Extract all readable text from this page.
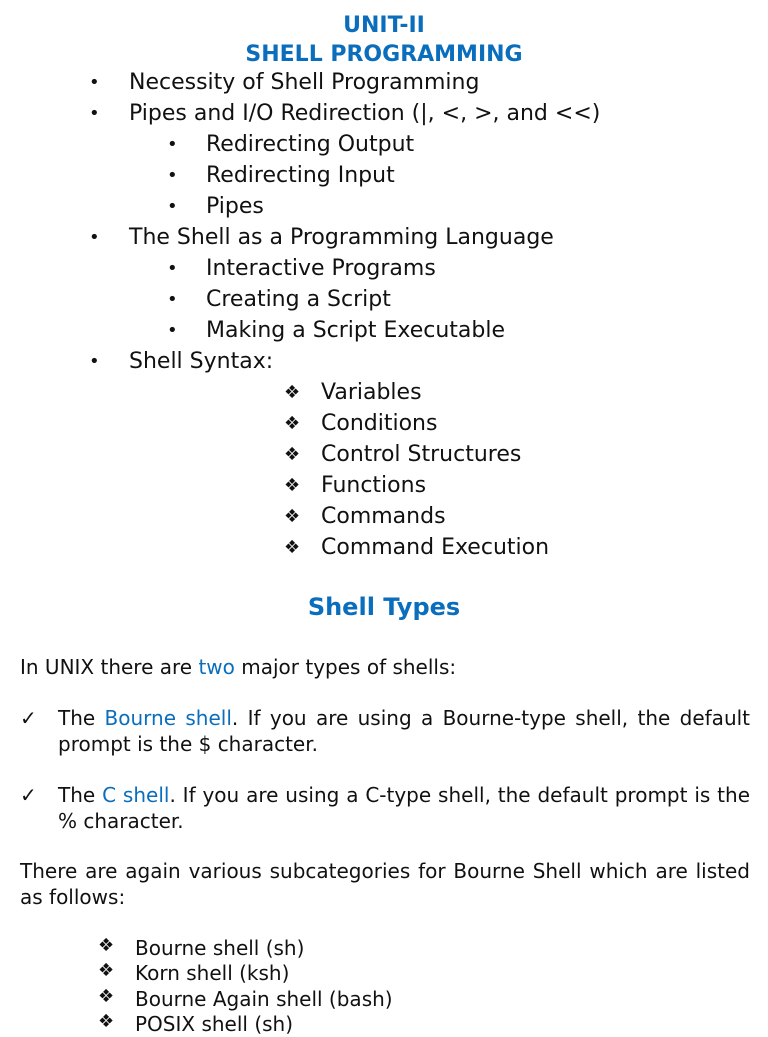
UNIT-II
SHELL PROGRAMMING
• Necessity of Shell Programming
• Pipes and I/O Redirection (|, <, >, and <<)
• Redirecting Output
• Redirecting Input
• Pipes
• The Shell as a Programming Language
• Interactive Programs
• Creating a Script
• Making a Script Executable
• Shell Syntax:
❖ Variables
❖ Conditions
❖ Control Structures
❖ Functions
❖ Commands
❖ Command Execution
Shell Types
In UNIX there are two major types of shells:
✓ The Bourne shell. If you are using a Bourne-type shell, the default prompt is the $ character.
✓ The C shell. If you are using a C-type shell, the default prompt is the % character.
There are again various subcategories for Bourne Shell which are listed as follows:
❖ Bourne shell (sh)
❖ Korn shell (ksh)
❖ Bourne Again shell (bash)
❖ POSIX shell (sh)
